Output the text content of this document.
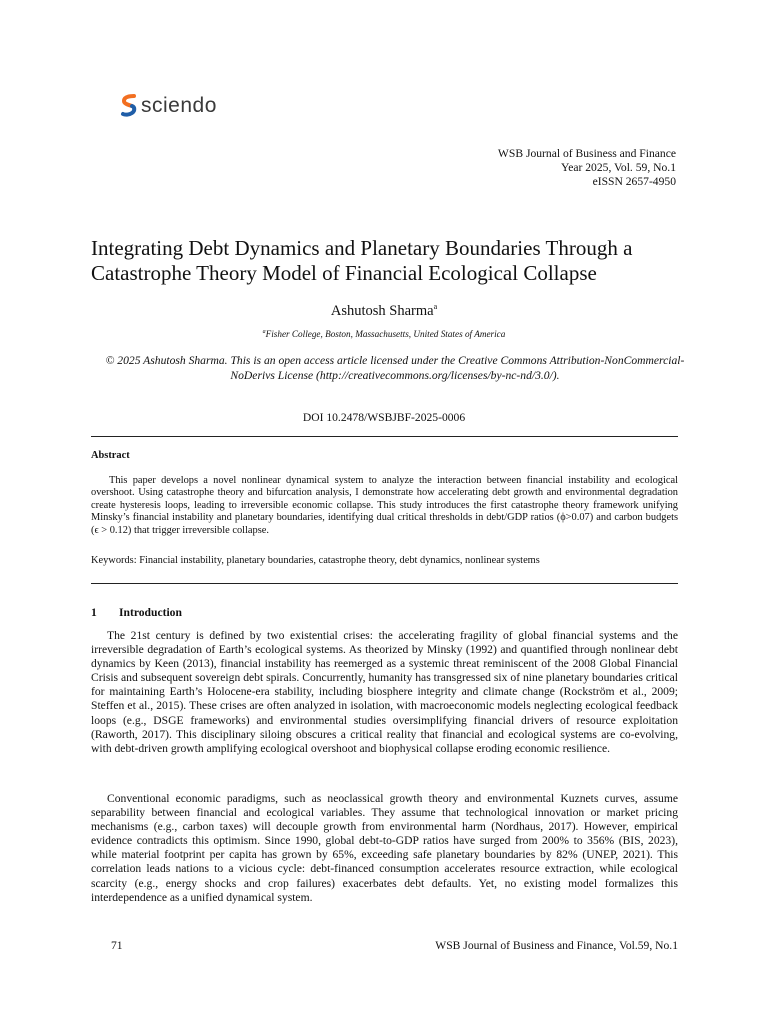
sciendo
WSB Journal of Business and Finance
Year 2025, Vol. 59, No.1
eISSN 2657-4950
Integrating Debt Dynamics and Planetary Boundaries Through a Catastrophe Theory Model of Financial Ecological Collapse
Ashutosh Sharma$^a$
$^a$Fisher College, Boston, Massachusetts, United States of America
© 2025 Ashutosh Sharma. This is an open access article licensed under the Creative Commons Attribution-NonCommercial-NoDerivs License (http://creativecommons.org/licenses/by-nc-nd/3.0/).
DOI 10.2478/WSBJBF-2025-0006
Abstract

This paper develops a novel nonlinear dynamical system to analyze the interaction between financial instability and ecological overshoot. Using catastrophe theory and bifurcation analysis, I demonstrate how accelerating debt growth and environmental degradation create hysteresis loops, leading to irreversible economic collapse. This study introduces the first catastrophe theory framework unifying Minsky’s financial instability and planetary boundaries, identifying dual critical thresholds in debt/GDP ratios (ϕ>0.07) and carbon budgets (ϵ > 0.12) that trigger irreversible collapse.

Keywords: Financial instability, planetary boundaries, catastrophe theory, debt dynamics, nonlinear systems
1	Introduction

The 21st century is defined by two existential crises: the accelerating fragility of global financial systems and the irreversible degradation of Earth’s ecological systems. As theorized by Minsky (1992) and quantified through nonlinear debt dynamics by Keen (2013), financial instability has reemerged as a systemic threat reminiscent of the 2008 Global Financial Crisis and subsequent sovereign debt spirals. Concurrently, humanity has transgressed six of nine planetary boundaries critical for maintaining Earth’s Holocene-era stability, including biosphere integrity and climate change (Rockström et al., 2009; Steffen et al., 2015). These crises are often analyzed in isolation, with macroeconomic models neglecting ecological feedback loops (e.g., DSGE frameworks) and environmental studies oversimplifying financial drivers of resource exploitation (Raworth, 2017). This disciplinary siloing obscures a critical reality that financial and ecological systems are co-evolving, with debt-driven growth amplifying ecological overshoot and biophysical collapse eroding economic resilience.

Conventional economic paradigms, such as neoclassical growth theory and environmental Kuznets curves, assume separability between financial and ecological variables. They assume that technological innovation or market pricing mechanisms (e.g., carbon taxes) will decouple growth from environmental harm (Nordhaus, 2017). However, empirical evidence contradicts this optimism. Since 1990, global debt-to-GDP ratios have surged from 200% to 356% (BIS, 2023), while material footprint per capita has grown by 65%, exceeding safe planetary boundaries by 82% (UNEP, 2021). This correlation leads nations to a vicious cycle: debt-financed consumption accelerates resource extraction, while ecological scarcity (e.g., energy shocks and crop failures) exacerbates debt defaults. Yet, no existing model formalizes this interdependence as a unified dynamical system.

71	WSB Journal of Business and Finance, Vol.59, No.1
